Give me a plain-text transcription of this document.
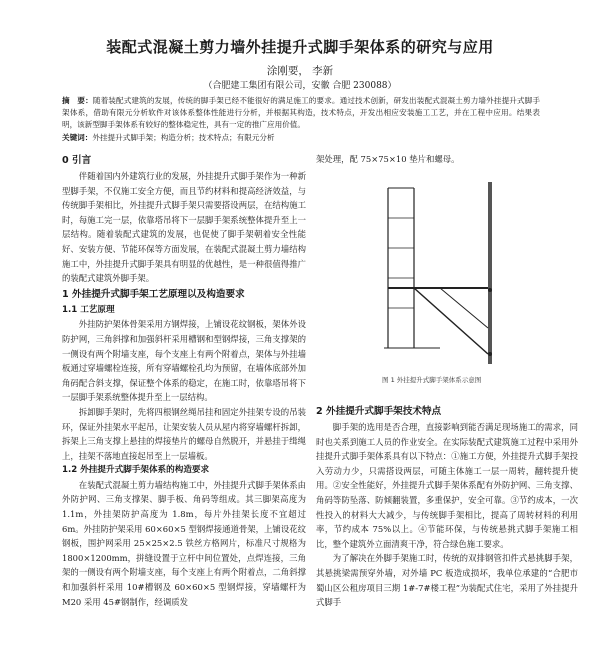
装配式混凝土剪力墙外挂提升式脚手架体系的研究与应用
涂刚要， 李新
（合肥建工集团有限公司，安徽 合肥 230088）
摘　要：随着装配式建筑的发展，传统的脚手架已经不能很好的满足施工的要求。通过技术创新，研发出装配式混凝土剪力墙外挂提升式脚手架体系，借助有限元分析软件对该体系整体性能进行分析，并根据其构造，技术特点，开发出相应安装施工工艺，并在工程中应用。结果表明，该新型脚手架体系有较好的整体稳定性，具有一定的推广应用价值。
关键词：外挂提升式脚手架；构造分析；技术特点；有限元分析
0 引言

伴随着国内外建筑行业的发展，外挂提升式脚手架作为一种新型脚手架，不仅施工安全方便，而且节约材料和提高经济效益，与传统脚手架相比，外挂提升式脚手架只需要搭设两层，在结构施工时，每施工完一层，依靠塔吊将下一层脚手架系统整体提升至上一层结构。随着装配式建筑的发展，也促使了脚手架朝着安全性能好、安装方便、节能环保等方面发展，在装配式混凝土剪力墙结构施工中，外挂提升式脚手架具有明显的优越性，是一种很值得推广的装配式建筑外脚手架。

1 外挂提升式脚手架工艺原理以及构造要求
1.1 工艺原理

外挂防护架体骨架采用方钢焊接，上铺设花纹钢板，架体外设防护网，三角斜撑和加强斜杆采用槽钢和型钢焊接，三角支撑架的一侧设有两个附墙支座，每个支座上有两个附着点，架体与外挂墙板通过穿墙螺栓连接，所有穿墙螺栓孔均为预留，在墙体底部外加角码配合斜支撑，保证整个体系的稳定，在施工时，依靠塔吊将下一层脚手架系统整体提升至上一层结构。

拆卸脚手架时，先将四根钢丝绳吊挂和固定外挂架专设的吊装环，保证外挂架水平起吊，让架安装人员从屋内将穿墙螺杆拆卸，拆架上三角支撑上悬挂的焊接垫片的螺母自然脱开，并悬挂于缉绳上，挂架不落地直接起吊至上一层墙板。

1.2 外挂提升式脚手架体系的构造要求

在装配式混凝土剪力墙结构施工中，外挂提升式脚手架体系由外防护网、三角支撑架、脚手板、角码等组成。其三脚架高度为 1.1m，外挂架防护高度为 1.8m，每片外挂架长度不宜超过 6m。外挂防护架采用 60×60×5 型钢焊接通道骨架，上铺设花纹钢板，围护网采用 25×25×2.5 铁丝方格网片，标准尺寸规格为 1800×1200mm，拼缝设置于立杆中间位置处，点焊连接，三角架的一侧设有两个附墙支座，每个支座上有两个附着点，二角斜撑和加强斜杆采用 10#槽钢及 60×60×5 型钢焊接，穿墙螺杆为 M20 采用 45#钢制作，经调质发

架处理，配 75×75×10 垫片和螺母。

图 1 外挂提升式脚手架体系示意图
2 外挂提升式脚手架技术特点

脚手架的选用是否合理，直接影响到能否满足现场施工的需求，同时也关系到施工人员的作业安全。在实际装配式建筑施工过程中采用外挂提升式脚手架体系具有以下特点：①施工方便，外挂提升式脚手架投入劳动力少，只需搭设两层，可随主体施工一层一周转，翻转提升使用。②安全性能好，外挂提升式脚手架体系配有外防护网、三角支撑、角码等防坠落、防倾翻装置，多重保护，安全可靠。③节约成本，一次性投入的材料大大减少，与传统脚手架相比，提高了周转材料的利用率，节约成本 75%以上。④节能环保，与传统悬挑式脚手架施工相比，整个建筑外立面清爽干净，符合绿色施工要求。

为了解决在外脚手架施工时，传统的双排钢管扣件式悬挑脚手架，其悬挑梁需预穿外墙，对外墙 PC 板造成损坏，我单位承建的“合肥市蜀山区公租房项目三期 1#-7#楼工程”为装配式住宅，采用了外挂提升式脚手
